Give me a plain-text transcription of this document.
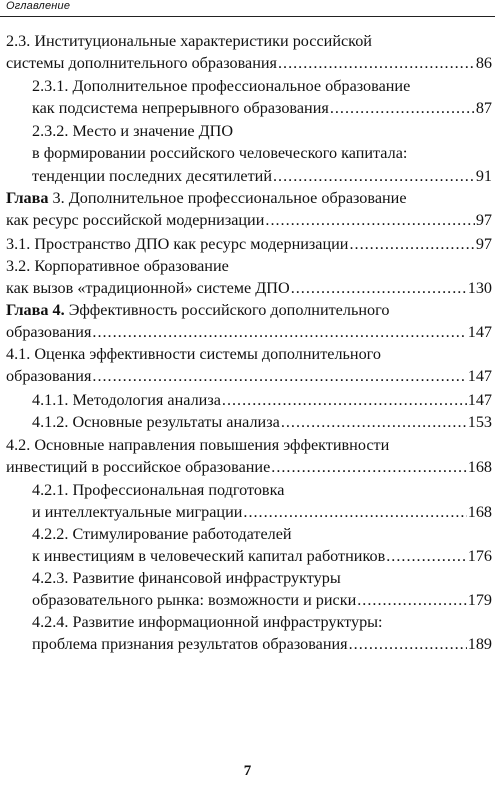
Оглавление
2.3. Институциональные характеристики российской
системы дополнительного образования .....	86
2.3.1. Дополнительное профессиональное образование
как подсистема непрерывного образования .....	87
2.3.2. Место и значение ДПО
в формировании российского человеческого капитала:
тенденции последних десятилетий .....	91
Глава 3. Дополнительное профессиональное образование
как ресурс российской модернизации .....	97
3.1. Пространство ДПО как ресурс модернизации .....	97
3.2. Корпоративное образование
как вызов «традиционной» системе ДПО .....	130
Глава 4. Эффективность российского дополнительного
образования .....	147
4.1. Оценка эффективности системы дополнительного
образования .....	147
4.1.1. Методология анализа .....	147
4.1.2. Основные результаты анализа .....	153
4.2. Основные направления повышения эффективности
инвестиций в российское образование .....	168
4.2.1. Профессиональная подготовка
и интеллектуальные миграции .....	168
4.2.2. Стимулирование работодателей
к инвестициям в человеческий капитал работников .....	176
4.2.3. Развитие финансовой инфраструктуры
образовательного рынка: возможности и риски .....	179
4.2.4. Развитие информационной инфраструктуры:
проблема признания результатов образования .....	189
7
